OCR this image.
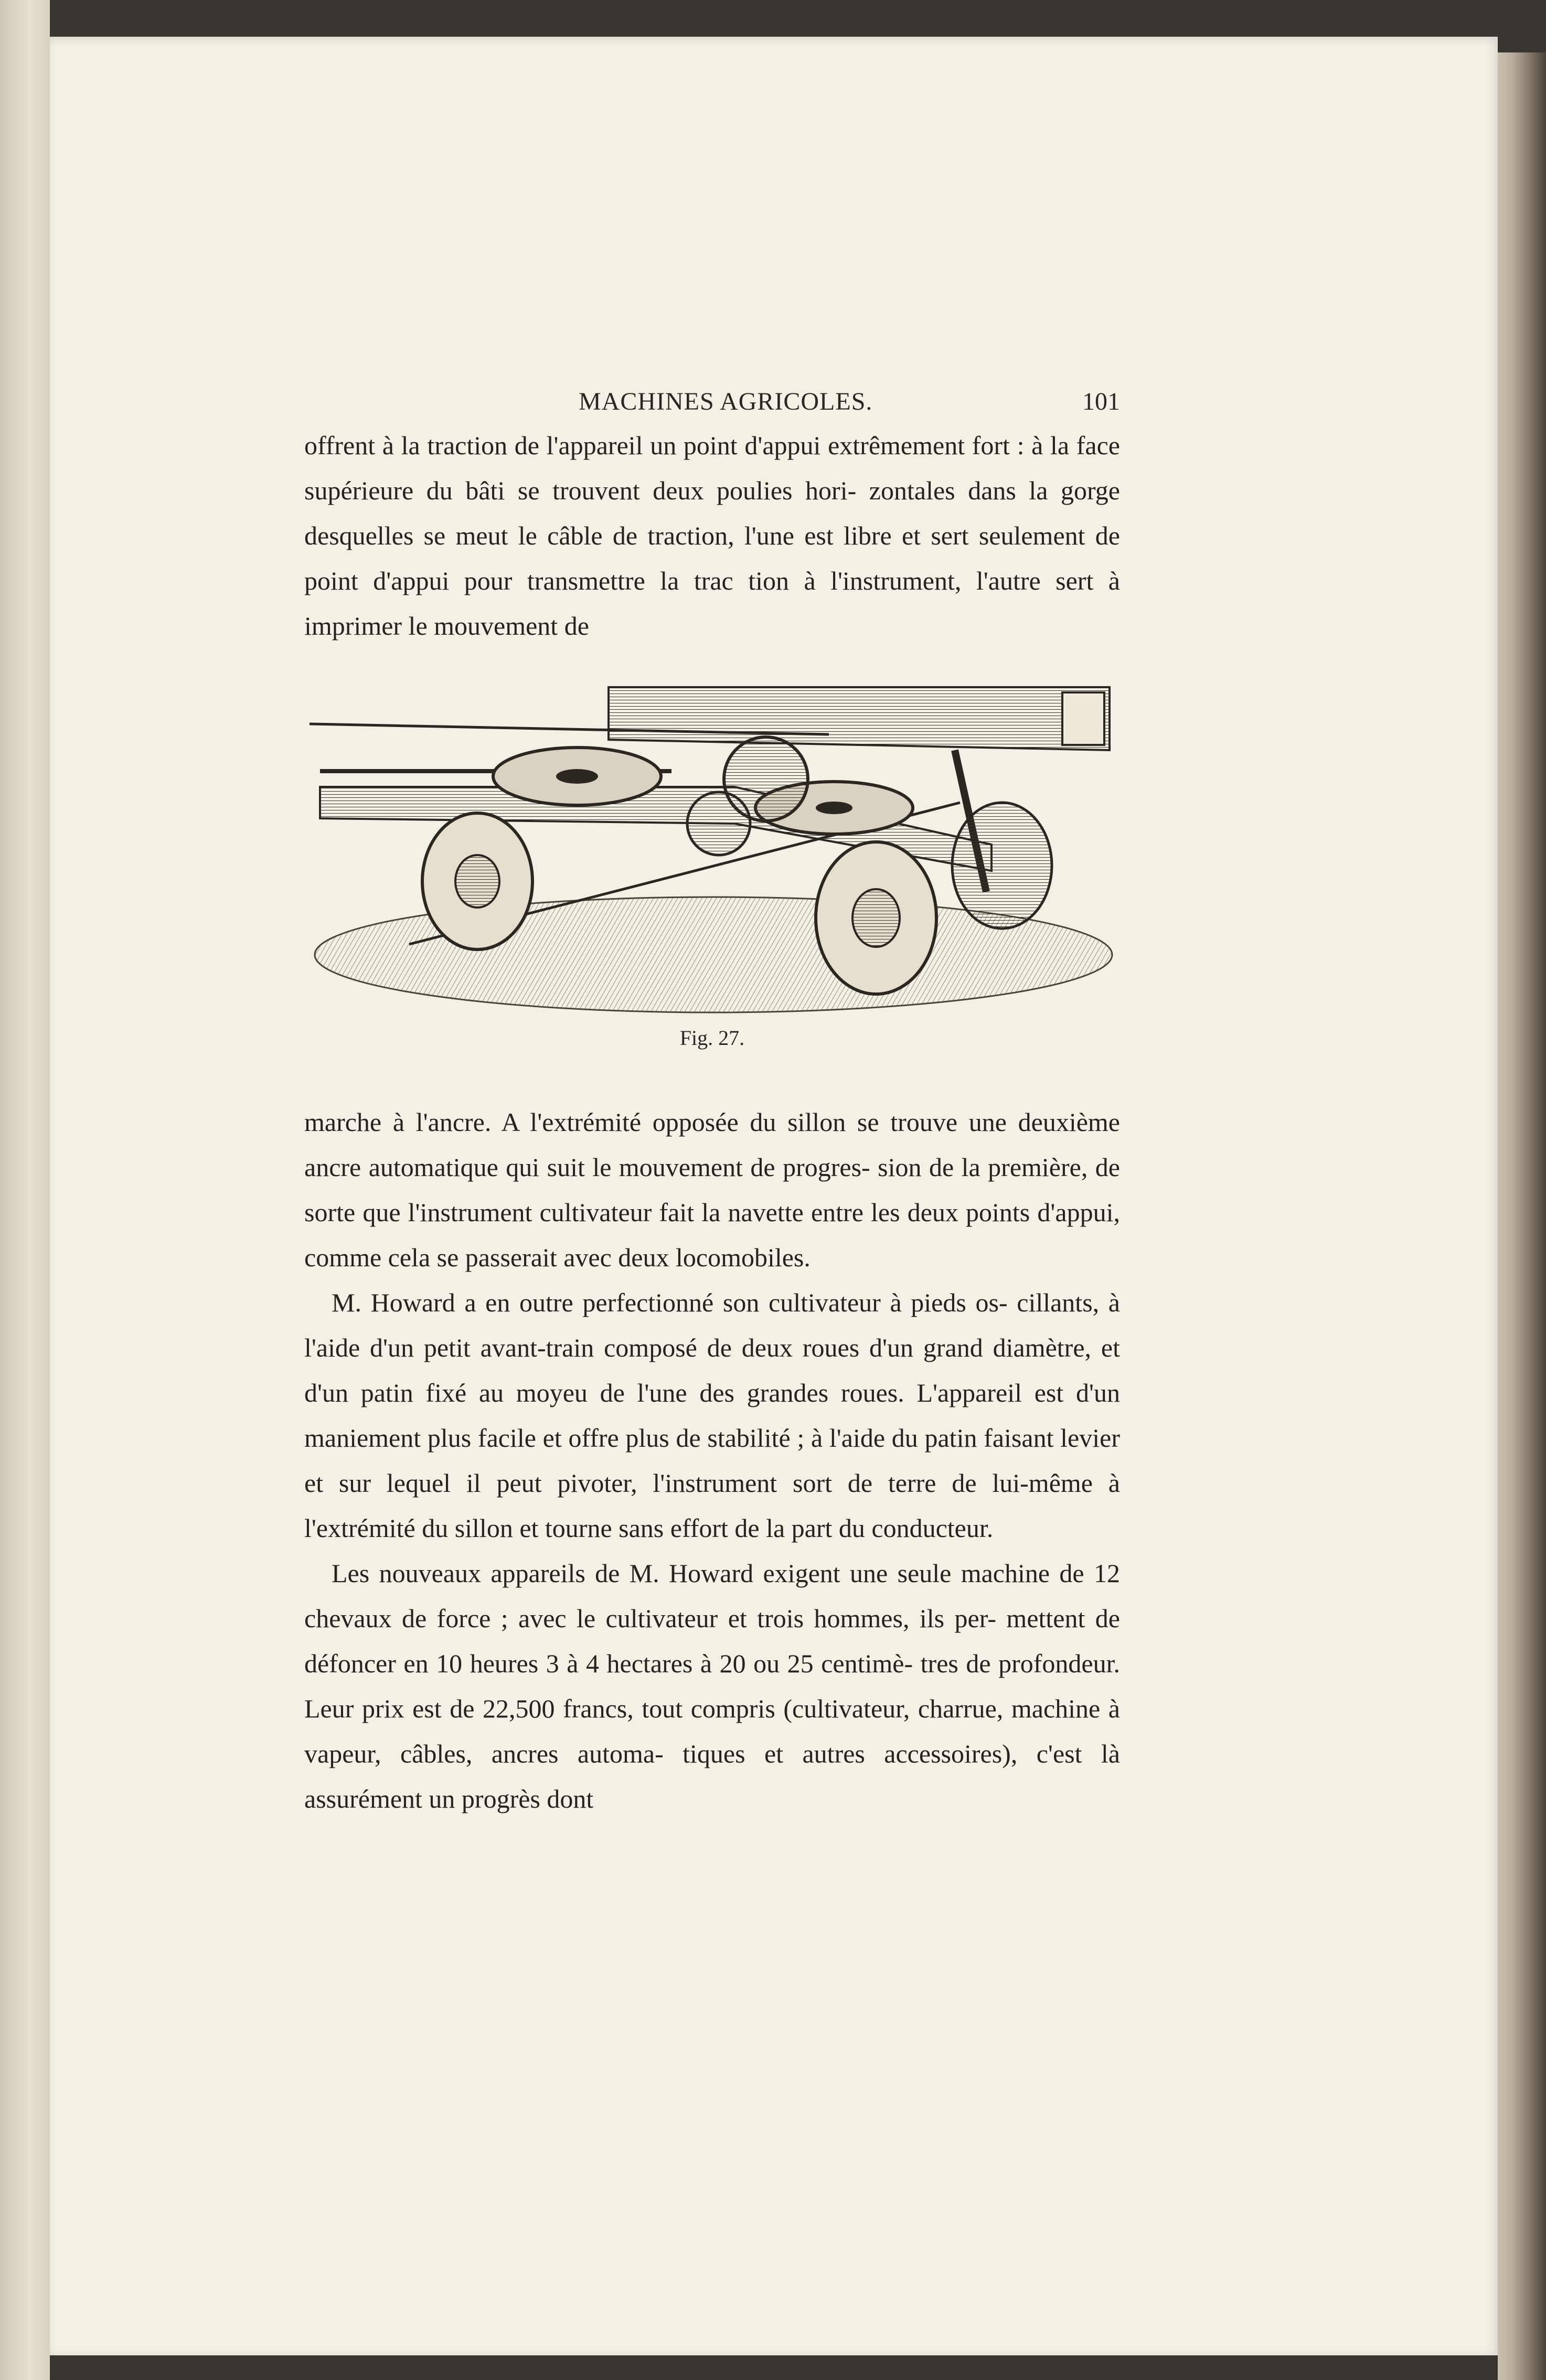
MACHINES AGRICOLES.	101

offrent à la traction de l'appareil un point d'appui extrêmement fort : à la face supérieure du bâti se trouvent deux poulies hori- zontales dans la gorge desquelles se meut le câble de traction, l'une est libre et sert seulement de point d'appui pour transmettre la trac tion à l'instrument, l'autre sert à imprimer le mouvement de

Fig. 27.

marche à l'ancre. A l'extrémité opposée du sillon se trouve une deuxième ancre automatique qui suit le mouvement de progres- sion de la première, de sorte que l'instrument cultivateur fait la navette entre les deux points d'appui, comme cela se passerait avec deux locomobiles.

M. Howard a en outre perfectionné son cultivateur à pieds os- cillants, à l'aide d'un petit avant-train composé de deux roues d'un grand diamètre, et d'un patin fixé au moyeu de l'une des grandes roues. L'appareil est d'un maniement plus facile et offre plus de stabilité ; à l'aide du patin faisant levier et sur lequel il peut pivoter, l'instrument sort de terre de lui-même à l'extrémité du sillon et tourne sans effort de la part du conducteur.

Les nouveaux appareils de M. Howard exigent une seule machine de 12 chevaux de force ; avec le cultivateur et trois hommes, ils per- mettent de défoncer en 10 heures 3 à 4 hectares à 20 ou 25 centimè- tres de profondeur. Leur prix est de 22,500 francs, tout compris (cultivateur, charrue, machine à vapeur, câbles, ancres automa- tiques et autres accessoires), c'est là assurément un progrès dont
